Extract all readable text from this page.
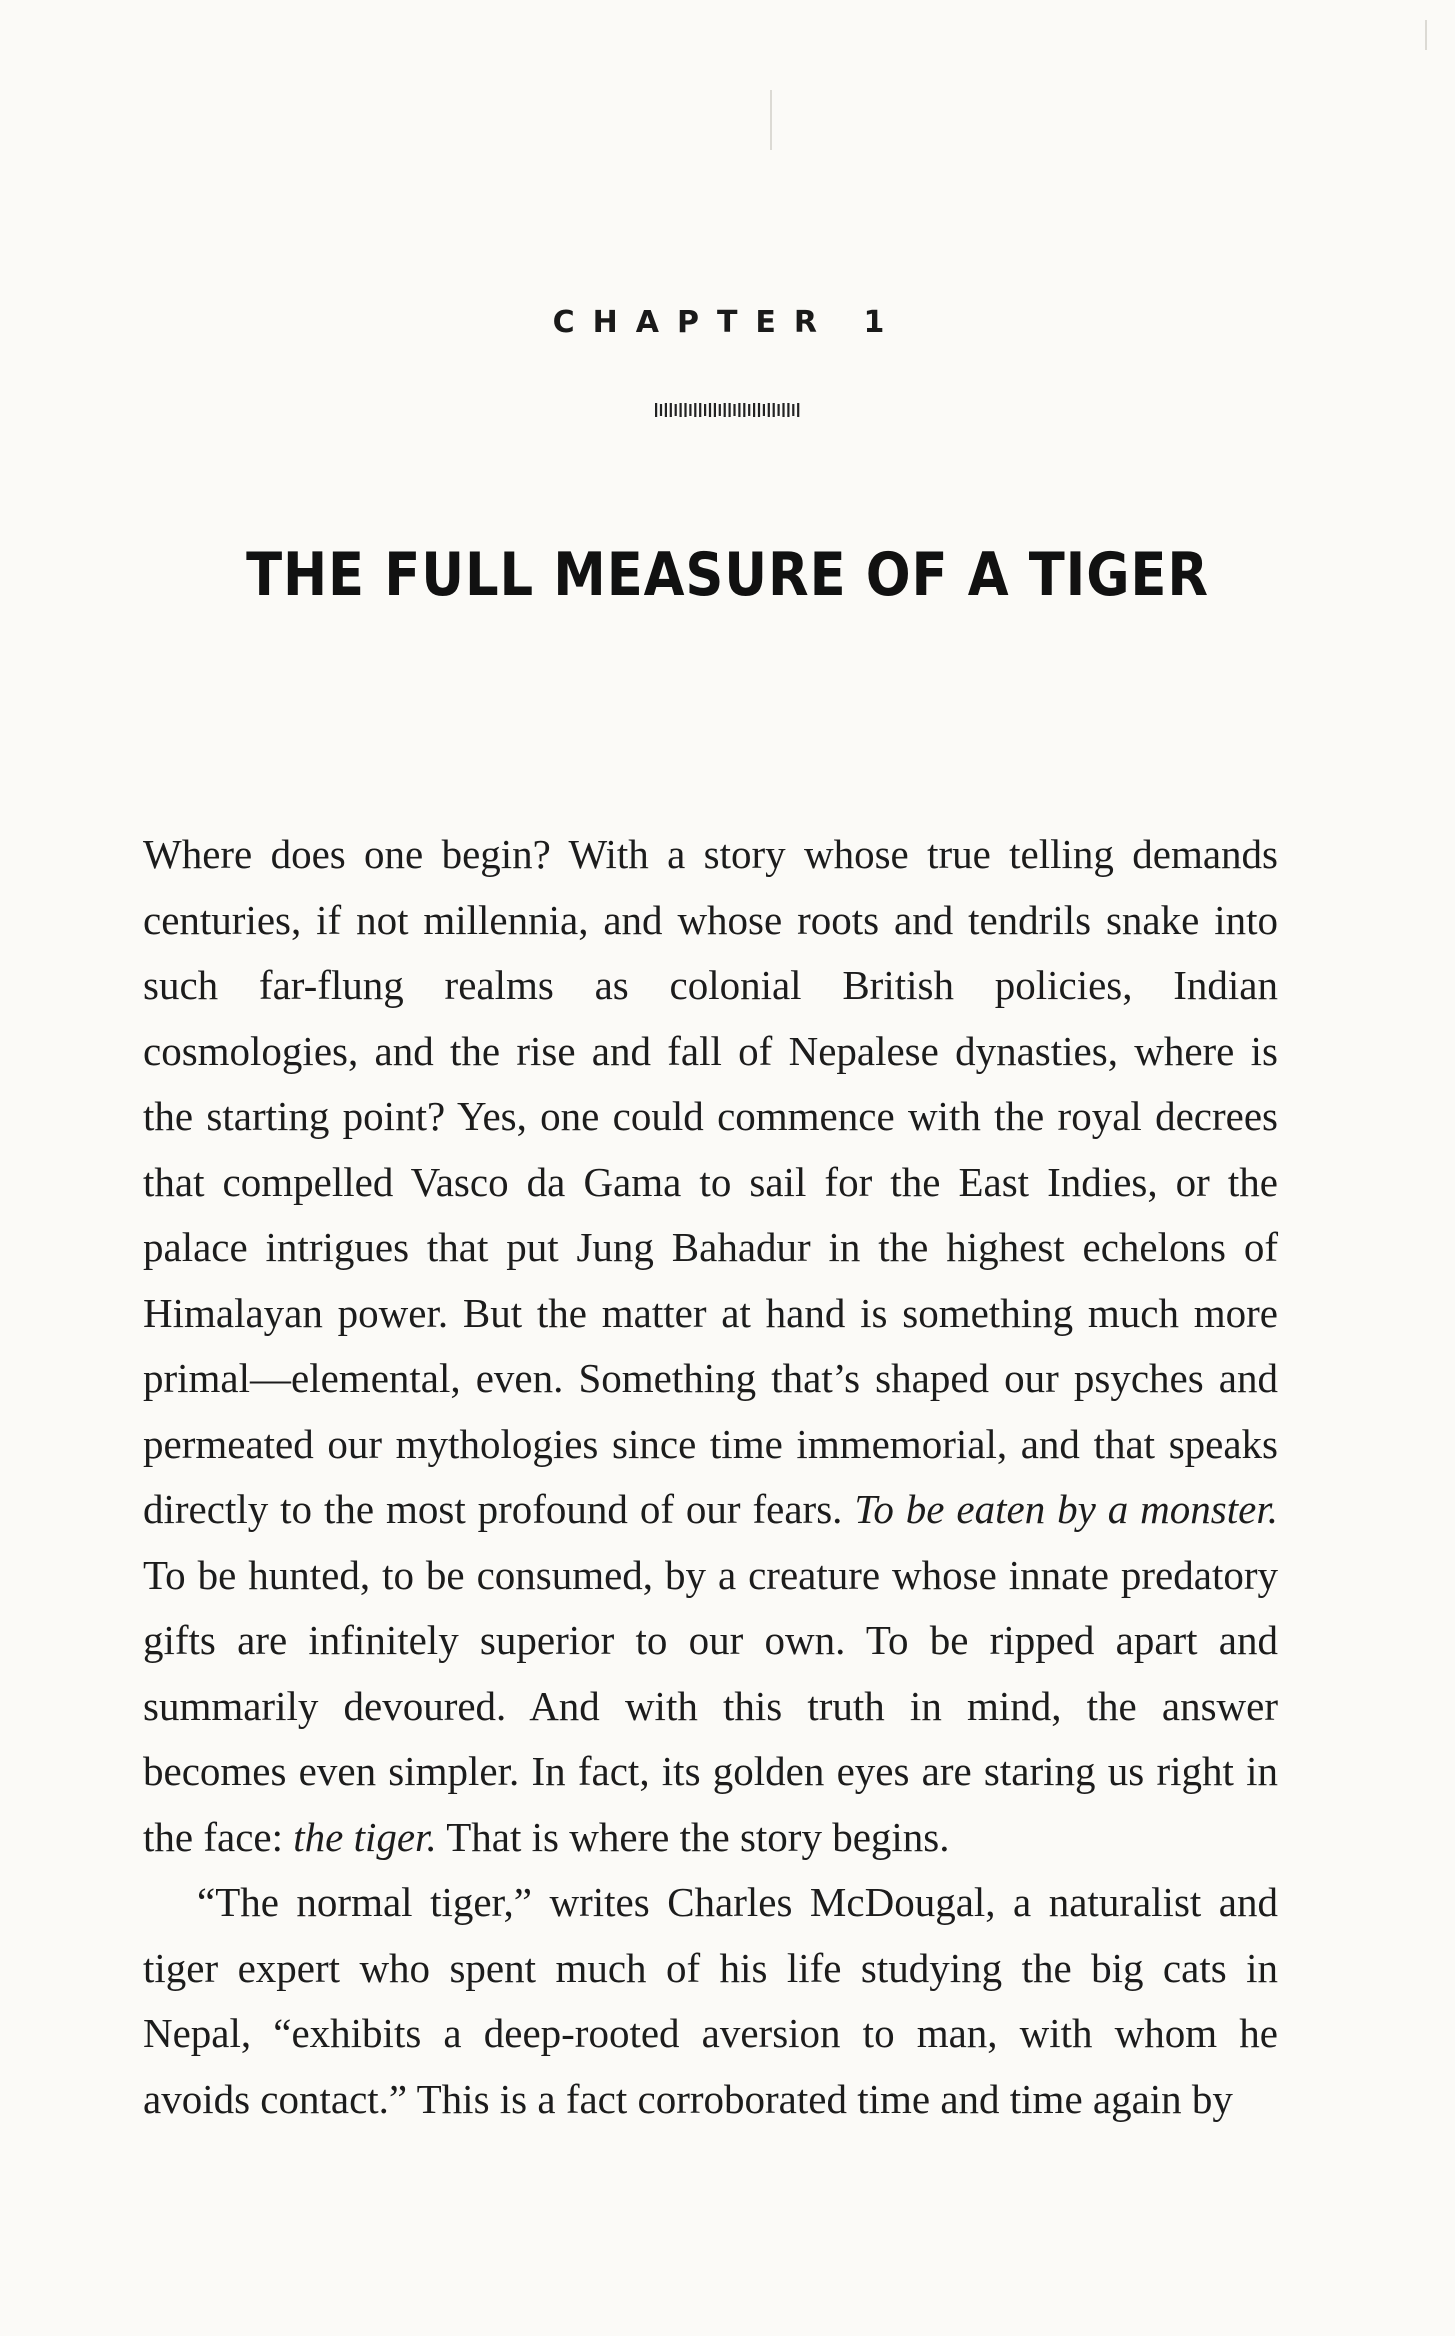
CHAPTER 1
THE FULL MEASURE OF A TIGER

Where does one begin? With a story whose true telling demands centuries, if not millennia, and whose roots and tendrils snake into such far-flung realms as colonial British policies, Indian cosmologies, and the rise and fall of Nepalese dynasties, where is the starting point? Yes, one could commence with the royal decrees that compelled Vasco da Gama to sail for the East Indies, or the palace intrigues that put Jung Bahadur in the highest echelons of Himalayan power. But the matter at hand is something much more primal—elemental, even. Something that’s shaped our psyches and permeated our mythologies since time immemorial, and that speaks directly to the most profound of our fears. To be eaten by a monster. To be hunted, to be consumed, by a creature whose innate predatory gifts are infinitely superior to our own. To be ripped apart and summarily devoured. And with this truth in mind, the answer becomes even simpler. In fact, its golden eyes are staring us right in the face: the tiger. That is where the story begins.

“The normal tiger,” writes Charles McDougal, a naturalist and tiger expert who spent much of his life studying the big cats in Nepal, “exhibits a deep-rooted aversion to man, with whom he avoids contact.” This is a fact corroborated time and time again by
